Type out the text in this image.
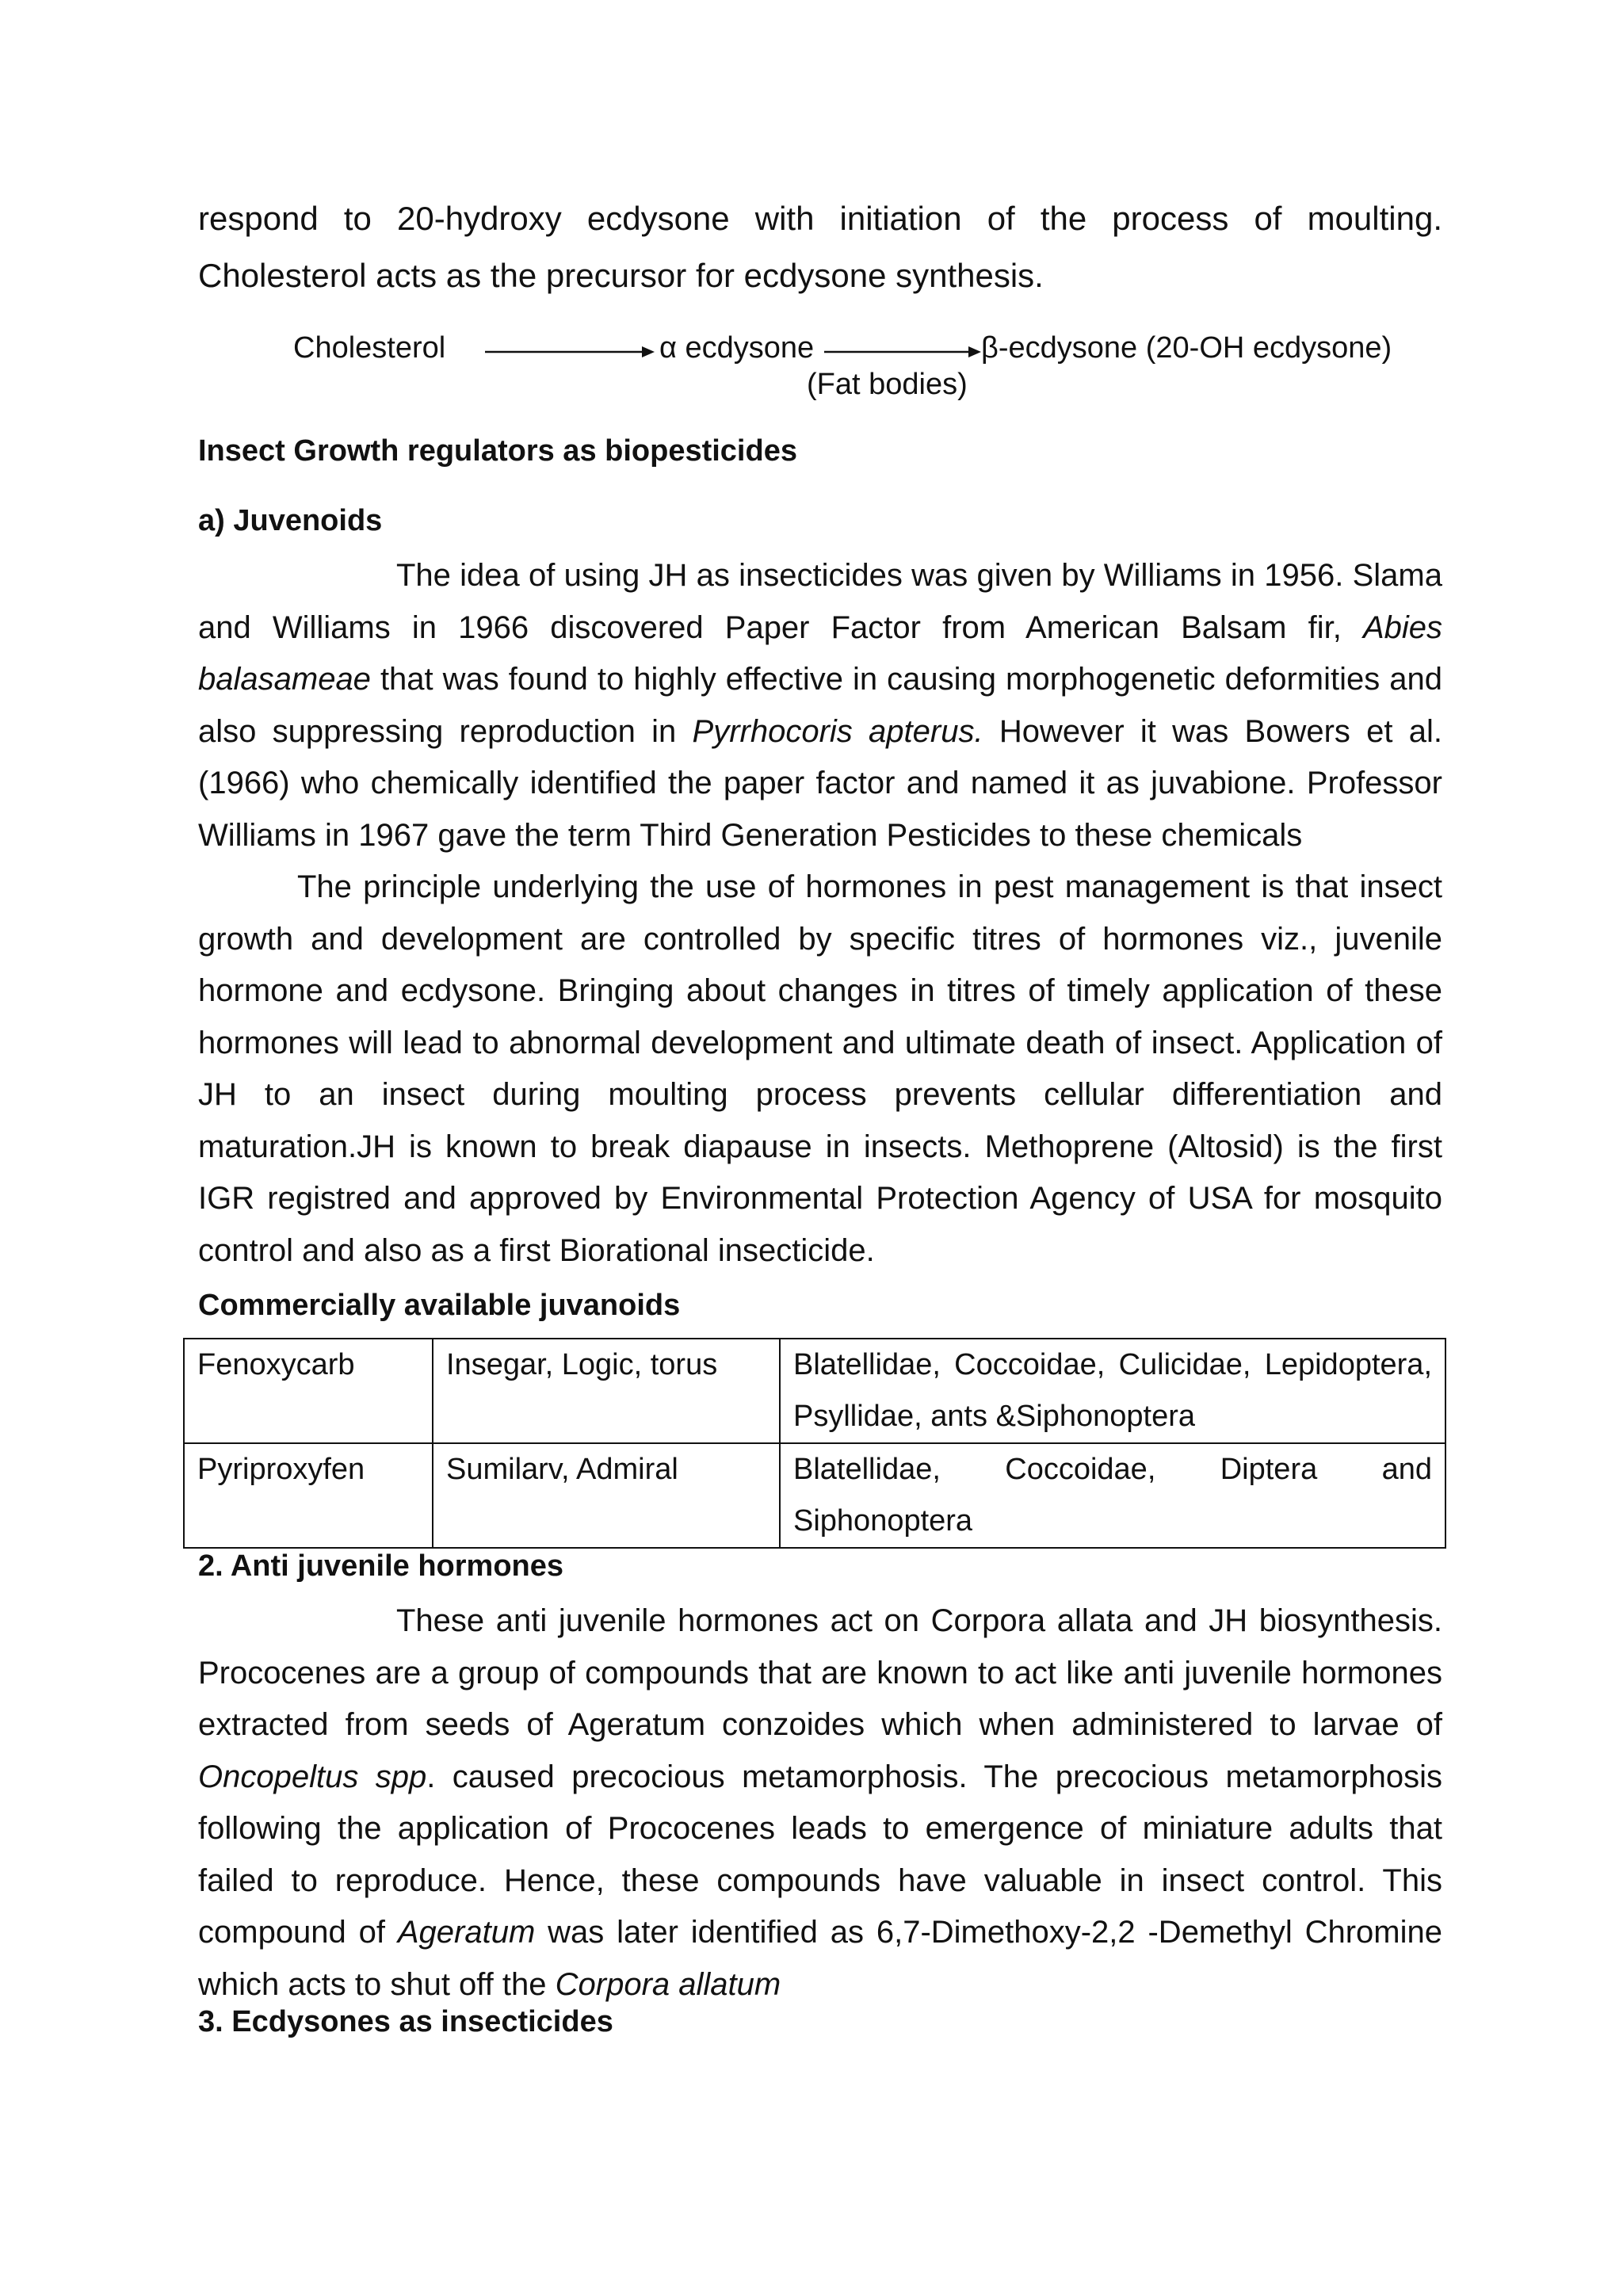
respond to 20-hydroxy ecdysone with initiation of the process of moulting. Cholesterol acts as the precursor for ecdysone synthesis.

Cholesterol	α ecdysone	β-ecdysone (20-OH ecdysone)
(Fat bodies)
Insect Growth regulators as biopesticides
a) Juvenoids

The idea of using JH as insecticides was given by Williams in 1956. Slama and Williams in 1966 discovered Paper Factor from American Balsam fir, Abies balasameae that was found to highly effective in causing morphogenetic deformities and also suppressing reproduction in Pyrrhocoris apterus. However it was Bowers et al. (1966) who chemically identified the paper factor and named it as juvabione. Professor Williams in 1967 gave the term Third Generation Pesticides to these chemicals

The principle underlying the use of hormones in pest management is that insect growth and development are controlled by specific titres of hormones viz., juvenile hormone and ecdysone. Bringing about changes in titres of timely application of these hormones will lead to abnormal development and ultimate death of insect. Application of JH to an insect during moulting process prevents cellular differentiation and maturation.JH is known to break diapause in insects. Methoprene (Altosid) is the first IGR registred and approved by Environmental Protection Agency of USA for mosquito control and also as a first Biorational insecticide.

Commercially available juvanoids
Fenoxycarb	Insegar, Logic, torus	Blatellidae, Coccoidae, Culicidae, Lepidoptera, Psyllidae, ants &Siphonoptera
Pyriproxyfen	Sumilarv, Admiral	Blatellidae, Coccoidae, Diptera and Siphonoptera
2. Anti juvenile hormones

These anti juvenile hormones act on Corpora allata and JH biosynthesis. Prococenes are a group of compounds that are known to act like anti juvenile hormones extracted from seeds of Ageratum conzoides which when administered to larvae of Oncopeltus spp. caused precocious metamorphosis. The precocious metamorphosis following the application of Prococenes leads to emergence of miniature adults that failed to reproduce. Hence, these compounds have valuable in insect control. This compound of Ageratum was later identified as 6,7-Dimethoxy-2,2 -Demethyl Chromine which acts to shut off the Corpora allatum

3. Ecdysones as insecticides
